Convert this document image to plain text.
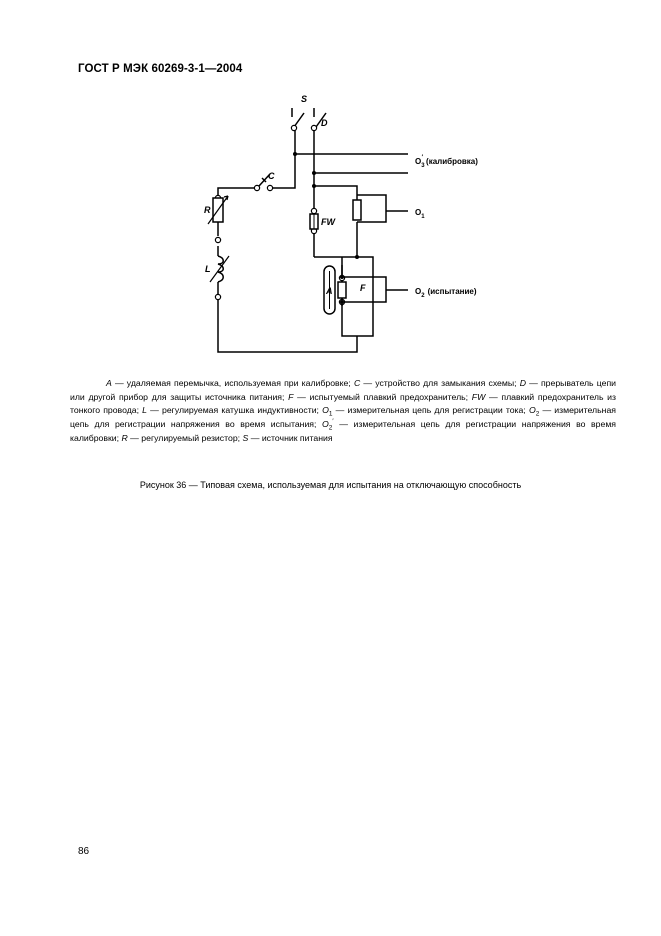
ГОСТ Р МЭК 60269-3-1—2004
S
D
C
R
L
FW
A	F
$O_3'$ (калибровка)
$O_1$
$O_2$ (испытание)
A — удаляемая перемычка, используемая при калибровке; C — устройство для замыкания схемы; D — прерыватель цепи или другой прибор для защиты источника питания; F — испытуемый плавкий предохранитель; FW — плавкий предохранитель из тонкого провода; L — регулируемая катушка индуктивности; $O_1$ — измерительная цепь для регистрации тока; $O_2$ — измерительная цепь для регистрации напряжения во время испытания; $O_2'$ — измерительная цепь для регистрации напряжения во время калибровки; R — регулируемый резистор; S — источник питания
Рисунок 36 — Типовая схема, используемая для испытания на отключающую способность
86
